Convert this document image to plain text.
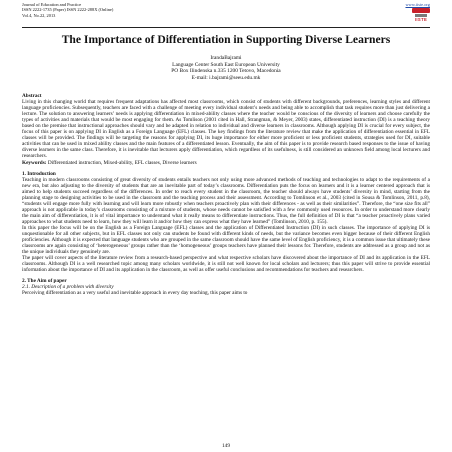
Journal of Education and Practice
ISSN 2222-1735 (Paper) ISSN 2222-288X (Online)
Vol.4, No.22, 2013
www.iiste.org
IISTE
The Importance of Differentiation in Supporting Diverse Learners
IrandaBajrami
Language Center South East European University
PO Box Ilindenska n.335 1200 Tetovo, Macedonia
E-mail: i.bajrami@seeu.edu.mk

Abstract

Living in this changing world that requires frequent adaptations has affected most classrooms, which consist of students with different backgrounds, preferences, learning styles and different language proficiencies. Subsequently, teachers are faced with a challenge of meeting every individual student’s needs and being able to accomplish that task requires more than just delivering a lecture. The solution to answering learners’ needs is applying differentiation in mixed-ability classes where the teacher would be conscious of the diversity of learners and choose carefully the types of activities and materials that would be most engaging for them. As Tomlison (2001 cited in Hall, Strangman, & Meyer, 2003) states, differentiated instruction (DI) is a teaching theory based on the premise that instructional approaches should vary and be adapted in relation to individual and diverse learners in classrooms. Although applying DI is crucial for every subject, the focus of this paper is on applying DI in English as a Foreign Language (EFL) classes. The key findings from the literature review that make the application of differentiation essential in EFL classes will be provided. The findings will be targeting the reasons for applying DI, its huge importance for either more proficient or less proficient students, strategies used for DI, suitable activities that can be used in mixed ability classes and the main features of a differentiated lesson. Eventually, the aim of this paper is to provide research based responses to the issue of having diverse learners in the same class. Therefore, it is inevitable that lecturers apply differentiation, which regardless of its usefulness, is still considered an unknown field among local lecturers and researchers.

Keywords: Differentiated instruction, Mixed-ability, EFL classes, Diverse learners

1. Introduction

Teaching in modern classrooms consisting of great diversity of students entails teachers not only using more advanced methods of teaching and technologies to adapt to the requirements of a new era, but also adjusting to the diversity of students that are an inevitable part of today’s classrooms. Differentiation puts the focus on learners and it is a learner centered approach that is aimed to help students succeed regardless of the differences. In order to reach every student in the classroom, the teacher should always have students’ diversity in mind, starting from the planning stage to designing activities to be used in the classroom and the teaching process and their assessment. According to Tomlinson et al., 2003 (cited in Sousa & Tomlinson, 2011, p.8), “students will engage more fully with learning and will learn more robustly when teachers proactively plan with their differences - as well as their similarities”. Therefore, the “one size fits all” approach is not applicable in today’s classrooms consisting of a mixture of students, whose needs cannot be satisfied with a few commonly used resources. In order to understand more clearly the main aim of differentiation, it is of vital importance to understand what it really means to differentiate instructions. Thus, the full definition of DI is that “a teacher proactively plans varied approaches to what students need to learn, how they will learn it and/or how they can express what they have learned” (Tomlinson, 2010, p. 155).

In this paper the focus will be on the English as a Foreign Language (EFL) classes and the application of Differentiated Instruction (DI) in such classes. The importance of applying DI is unquestionable for all other subjects, but in EFL classes not only can students be found with different kinds of needs, but the variance becomes even bigger because of their different English proficiencies. Although it is expected that language students who are grouped in the same classroom should have the same level of English proficiency, it is a common issue that ultimately these classrooms are again consisting of ‘heterogeneous’ groups rather than the ‘homogeneous’ groups teachers have planned their lessons for. Therefore, students are addressed as a group and not as the unique individuals they genuinely are.

The paper will cover aspects of the literature review from a research-based perspective and what respective scholars have discovered about the importance of DI and its application in the EFL classrooms. Although DI is a well researched topic among many scholars worldwide, it is still not well known for local scholars and lecturers; thus this paper will strive to provide essential information about the importance of DI and its application in the classroom, as well as offer useful conclusions and recommendations for teachers and researchers.

2. The Aim of paper

2.1. Description of a problem with diversity

Perceiving differentiation as a very useful and inevitable approach in every day teaching, this paper aims to

149
